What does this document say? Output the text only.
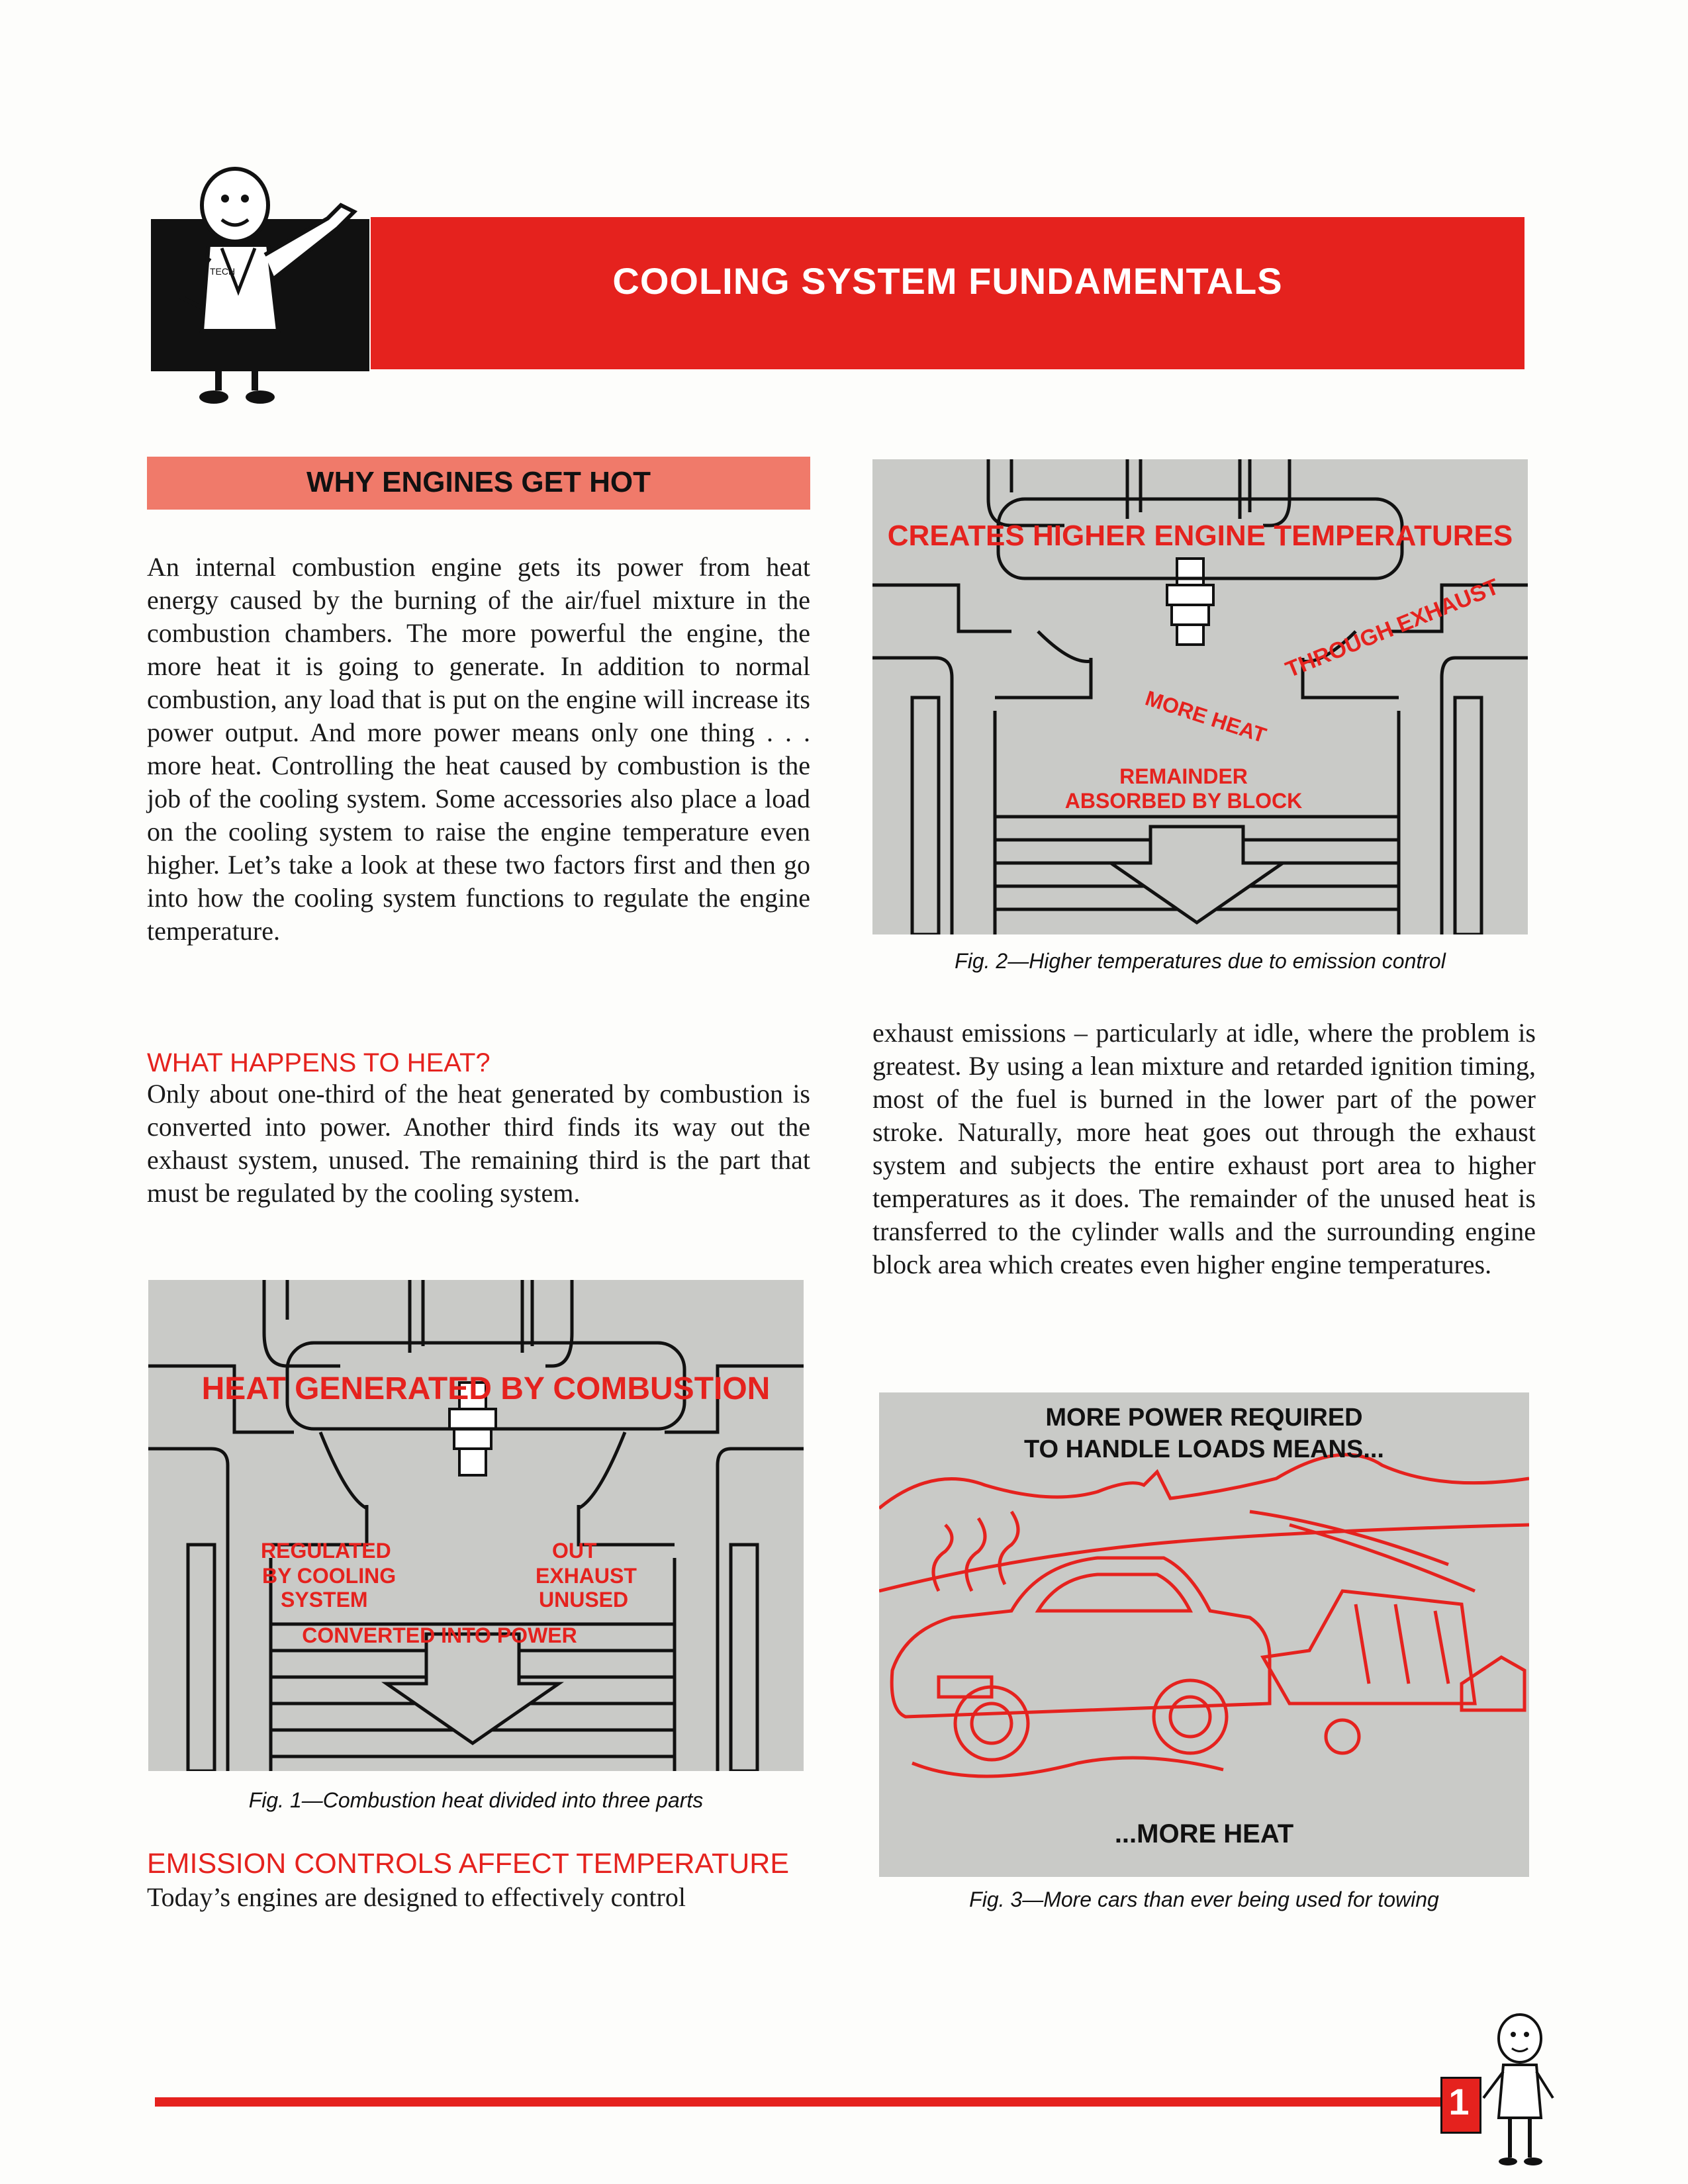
TECH	COOLING SYSTEM FUNDAMENTALS
WHY ENGINES GET HOT
An internal combustion engine gets its power from heat energy caused by the burning of the air/fuel mixture in the combustion chambers. The more powerful the engine, the more heat it is going to generate. In addition to normal combustion, any load that is put on the engine will increase its power output. And more power means only one thing . . . more heat. Controlling the heat caused by combustion is the job of the cooling system. Some accessories also place a load on the cooling system to raise the engine temperature even higher. Let’s take a look at these two factors first and then go into how the cooling system functions to regulate the engine temperature.
WHAT HAPPENS TO HEAT?
Only about one-third of the heat generated by combustion is converted into power. Another third finds its way out the exhaust system, unused. The remaining third is the part that must be regulated by the cooling system.
HEAT GENERATED BY COMBUSTION
REGULATED
BY COOLING
SYSTEM
OUT
EXHAUST
UNUSED
CONVERTED INTO POWER
Fig. 1—Combustion heat divided into three parts
EMISSION CONTROLS AFFECT TEMPERATURE
Today’s engines are designed to effectively control
CREATES HIGHER ENGINE TEMPERATURES
THROUGH EXHAUST
MORE HEAT
REMAINDER
ABSORBED BY BLOCK
Fig. 2—Higher temperatures due to emission control
exhaust emissions – particularly at idle, where the problem is greatest. By using a lean mixture and retarded ignition timing, most of the fuel is burned in the lower part of the power stroke. Naturally, more heat goes out through the exhaust system and subjects the entire exhaust port area to higher temperatures as it does. The remainder of the unused heat is transferred to the cylinder walls and the surrounding engine block area which creates even higher engine temperatures.
MORE POWER REQUIRED
TO HANDLE LOADS MEANS...
...MORE HEAT
Fig. 3—More cars than ever being used for towing
1
